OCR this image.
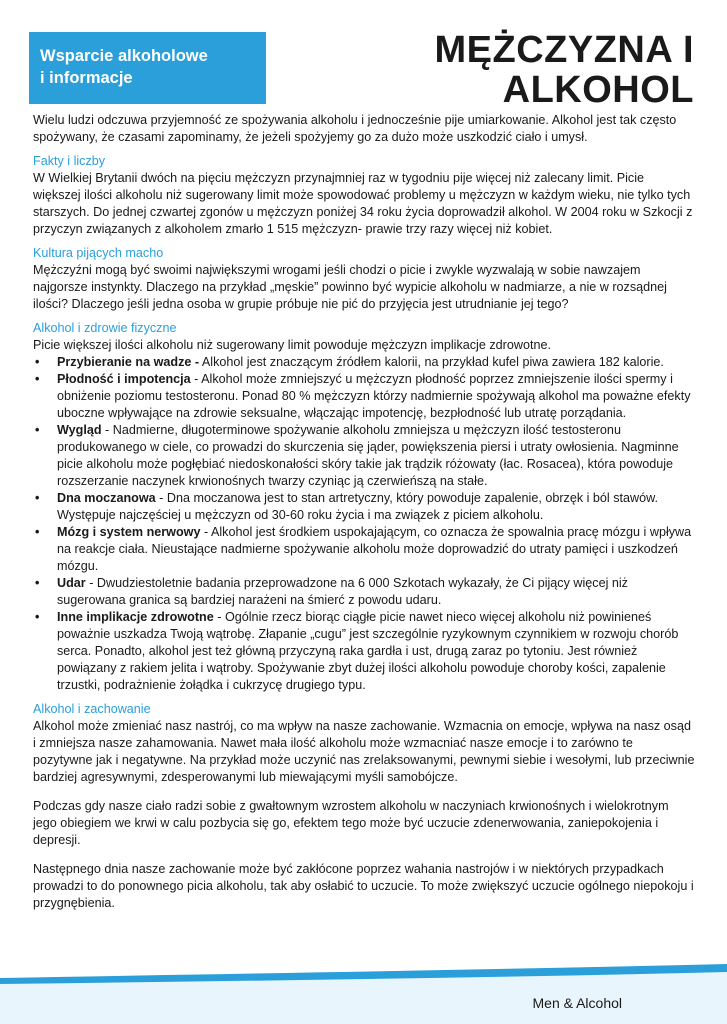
Wsparcie alkoholowe
i informacje
MĘŻCZYZNA I
ALKOHOL

Wielu ludzi odczuwa przyjemność ze spożywania alkoholu i jednocześnie pije umiarkowanie. Alkohol jest tak często spożywany, że czasami zapominamy, że jeżeli spożyjemy go za dużo może uszkodzić ciało i umysł.

Fakty i liczby

W Wielkiej Brytanii dwóch na pięciu mężczyzn przynajmniej raz w tygodniu pije więcej niż zalecany limit. Picie większej ilości alkoholu niż sugerowany limit może spowodować problemy u mężczyzn w każdym wieku, nie tylko tych starszych. Do jednej czwartej zgonów u mężczyzn poniżej 34 roku życia doprowadził alkohol. W 2004 roku w Szkocji z przyczyn związanych z alkoholem zmarło 1 515 mężczyzn- prawie trzy razy więcej niż kobiet.

Kultura pijących macho

Mężczyźni mogą być swoimi największymi wrogami jeśli chodzi o picie i zwykle wyzwalają w sobie nawzajem najgorsze instynkty. Dlaczego na przykład „męskie” powinno być wypicie alkoholu w nadmiarze, a nie w rozsądnej ilości? Dlaczego jeśli jedna osoba w grupie próbuje nie pić do przyjęcia jest utrudnianie jej tego?

Alkohol i zdrowie fizyczne

Picie większej ilości alkoholu niż sugerowany limit powoduje mężczyzn implikacje zdrowotne.

• Przybieranie na wadze - Alkohol jest znaczącym źródłem kalorii, na przykład kufel piwa zawiera 182 kalorie.
• Płodność i impotencja - Alkohol może zmniejszyć u mężczyzn płodność poprzez zmniejszenie ilości spermy i obniżenie poziomu testosteronu. Ponad 80 % mężczyzn którzy nadmiernie spożywają alkohol ma poważne efekty uboczne wpływające na zdrowie seksualne, włączając impotencję, bezpłodność lub utratę porządania.
• Wygląd - Nadmierne, długoterminowe spożywanie alkoholu zmniejsza u mężczyzn ilość testosteronu produkowanego w ciele, co prowadzi do skurczenia się jąder, powiększenia piersi i utraty owłosienia. Nagminne picie alkoholu może pogłębiać niedoskonałości skóry takie jak trądzik różowaty (łac. Rosacea), która powoduje rozszerzanie naczynek krwionośnych twarzy czyniąc ją czerwieńszą na stałe.
• Dna moczanowa - Dna moczanowa jest to stan artretyczny, który powoduje zapalenie, obrzęk i ból stawów. Występuje najczęściej u mężczyzn od 30-60 roku życia i ma związek z piciem alkoholu.
• Mózg i system nerwowy - Alkohol jest środkiem uspokajającym, co oznacza że spowalnia pracę mózgu i wpływa na reakcje ciała. Nieustające nadmierne spożywanie alkoholu może doprowadzić do utraty pamięci i uszkodzeń mózgu.
• Udar - Dwudziestoletnie badania przeprowadzone na 6 000 Szkotach wykazały, że Ci pijący więcej niż sugerowana granica są bardziej narażeni na śmierć z powodu udaru.
• Inne implikacje zdrowotne - Ogólnie rzecz biorąc ciągłe picie nawet nieco więcej alkoholu niż powinieneś poważnie uszkadza Twoją wątrobę. Złapanie „cugu” jest szczególnie ryzykownym czynnikiem w rozwoju chorób serca. Ponadto, alkohol jest też główną przyczyną raka gardła i ust, drugą zaraz po tytoniu. Jest również powiązany z rakiem jelita i wątroby. Spożywanie zbyt dużej ilości alkoholu powoduje choroby kości, zapalenie trzustki, podrażnienie żołądka i cukrzycę drugiego typu.

Alkohol i zachowanie

Alkohol może zmieniać nasz nastrój, co ma wpływ na nasze zachowanie. Wzmacnia on emocje, wpływa na nasz osąd i zmniejsza nasze zahamowania. Nawet mała ilość alkoholu może wzmacniać nasze emocje i to zarówno te pozytywne jak i negatywne. Na przykład może uczynić nas zrelaksowanymi, pewnymi siebie i wesołymi, lub przeciwnie bardziej agresywnymi, zdesperowanymi lub miewającymi myśli samobójcze.

Podczas gdy nasze ciało radzi sobie z gwałtownym wzrostem alkoholu w naczyniach krwionośnych i wielokrotnym jego obiegiem we krwi w calu pozbycia się go, efektem tego może być uczucie zdenerwowania, zaniepokojenia i depresji.

Następnego dnia nasze zachowanie może być zakłócone poprzez wahania nastrojów i w niektórych przypadkach prowadzi to do ponownego picia alkoholu, tak aby osłabić to uczucie. To może zwiększyć uczucie ogólnego niepokoju i przygnębienia.

Men & Alcohol
